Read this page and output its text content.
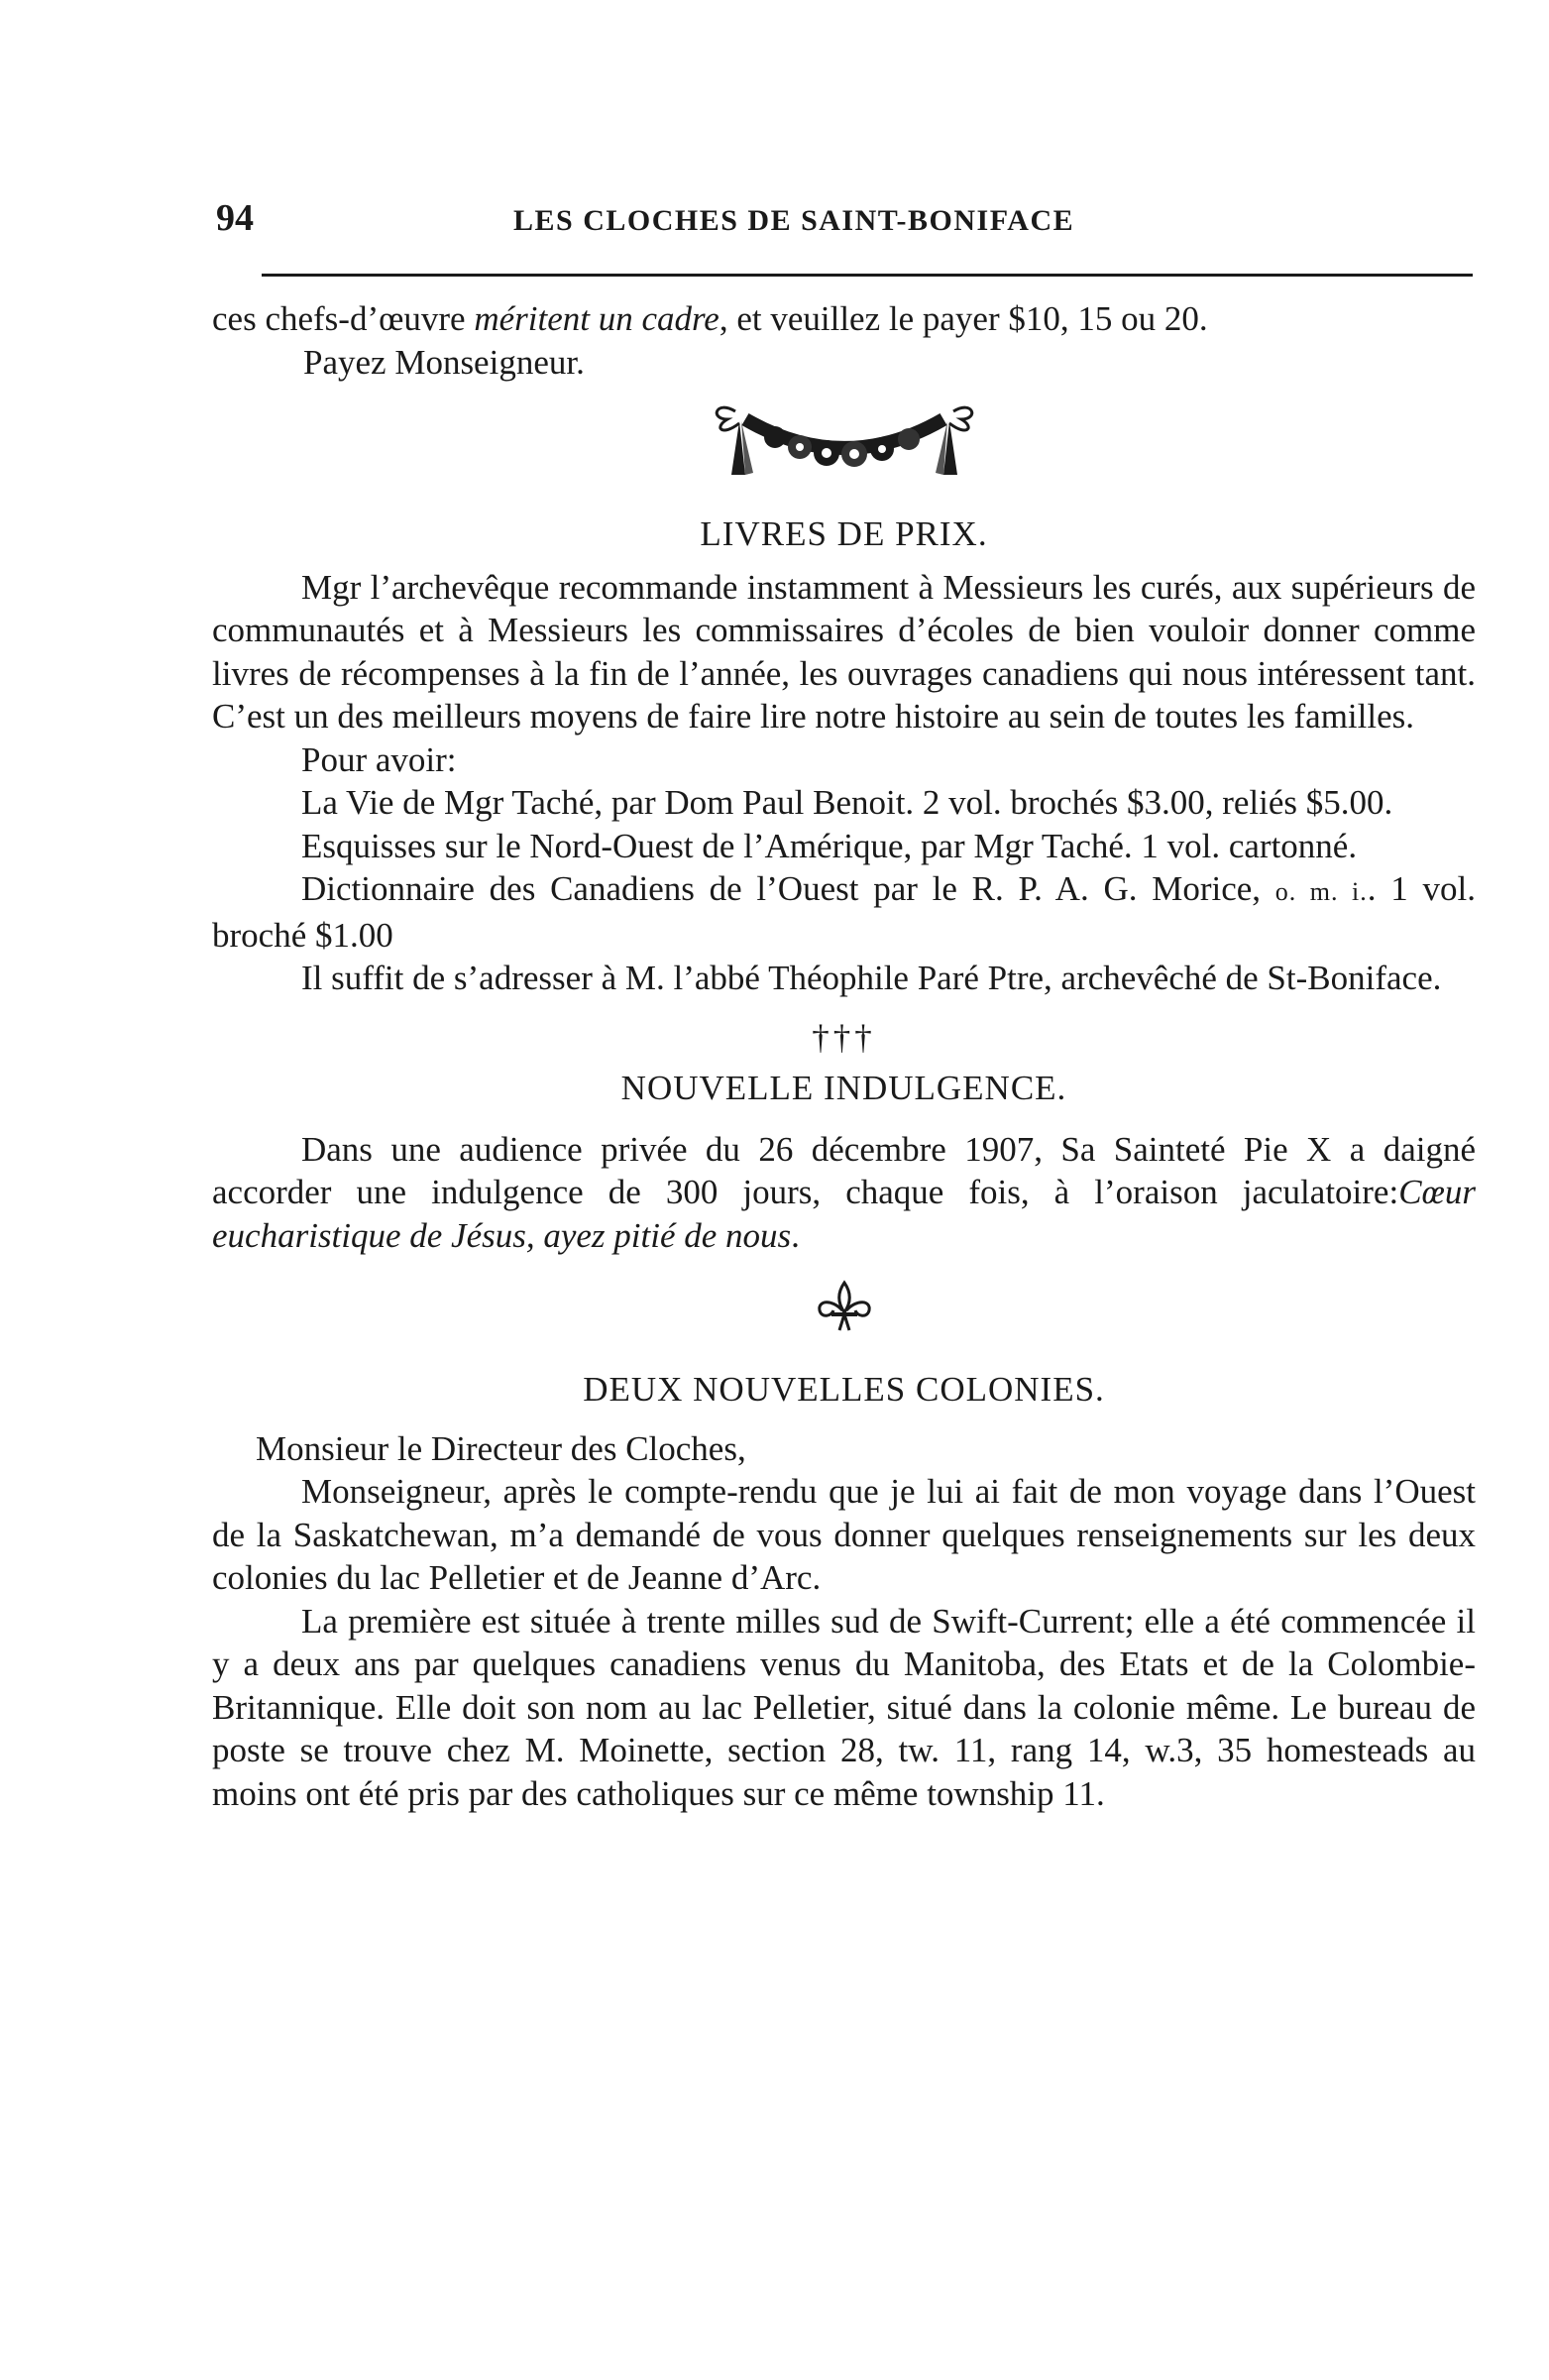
94	LES CLOCHES DE SAINT-BONIFACE

ces chefs-d’œuvre méritent un cadre, et veuillez le payer $10, 15 ou 20.

Payez Monseigneur.

LIVRES DE PRIX.

Mgr l’archevêque recommande instamment à Messieurs les curés, aux supérieurs de communautés et à Messieurs les commissaires d’écoles de bien vouloir donner comme livres de récompenses à la fin de l’année, les ouvrages canadiens qui nous intéressent tant. C’est un des meilleurs moyens de faire lire notre histoire au sein de toutes les familles.

Pour avoir:

La Vie de Mgr Taché, par Dom Paul Benoit. 2 vol. brochés $3.00, reliés $5.00.

Esquisses sur le Nord-Ouest de l’Amérique, par Mgr Taché. 1 vol. cartonné.

Dictionnaire des Canadiens de l’Ouest par le R. P. A. G. Morice, o. m. i.. 1 vol. broché $1.00

Il suffit de s’adresser à M. l’abbé Théophile Paré Ptre, archevêché de St-Boniface.

†††

NOUVELLE INDULGENCE.

Dans une audience privée du 26 décembre 1907, Sa Sainteté Pie X a daigné accorder une indulgence de 300 jours, chaque fois, à l’oraison jaculatoire:Cœur eucharistique de Jésus, ayez pitié de nous.

DEUX NOUVELLES COLONIES.

Monsieur le Directeur des Cloches,

Monseigneur, après le compte-rendu que je lui ai fait de mon voyage dans l’Ouest de la Saskatchewan, m’a demandé de vous donner quelques renseignements sur les deux colonies du lac Pelletier et de Jeanne d’Arc.

La première est située à trente milles sud de Swift-Current; elle a été commencée il y a deux ans par quelques canadiens venus du Manitoba, des Etats et de la Colombie-Britannique. Elle doit son nom au lac Pelletier, situé dans la colonie même. Le bureau de poste se trouve chez M. Moinette, section 28, tw. 11, rang 14, w.3, 35 homesteads au moins ont été pris par des catholiques sur ce même township 11.
